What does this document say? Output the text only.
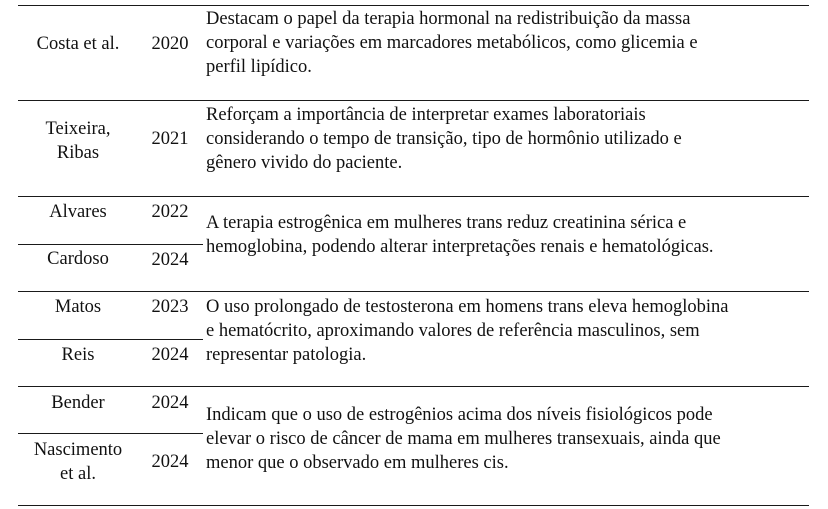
Costa et al.	2020
Destacam o papel da terapia hormonal na redistribuição da massa
corporal e variações em marcadores metabólicos, como glicemia e
perfil lipídico.
Teixeira,
Ribas
2021
Reforçam a importância de interpretar exames laboratoriais
considerando o tempo de transição, tipo de hormônio utilizado e
gênero vivido do paciente.
Alvares	2022
Cardoso	2024
A terapia estrogênica em mulheres trans reduz creatinina sérica e
hemoglobina, podendo alterar interpretações renais e hematológicas.
Matos	2023
Reis	2024
O uso prolongado de testosterona em homens trans eleva hemoglobina
e hematócrito, aproximando valores de referência masculinos, sem
representar patologia.
Bender	2024
Nascimento
et al.
2024
Indicam que o uso de estrogênios acima dos níveis fisiológicos pode
elevar o risco de câncer de mama em mulheres transexuais, ainda que
menor que o observado em mulheres cis.
